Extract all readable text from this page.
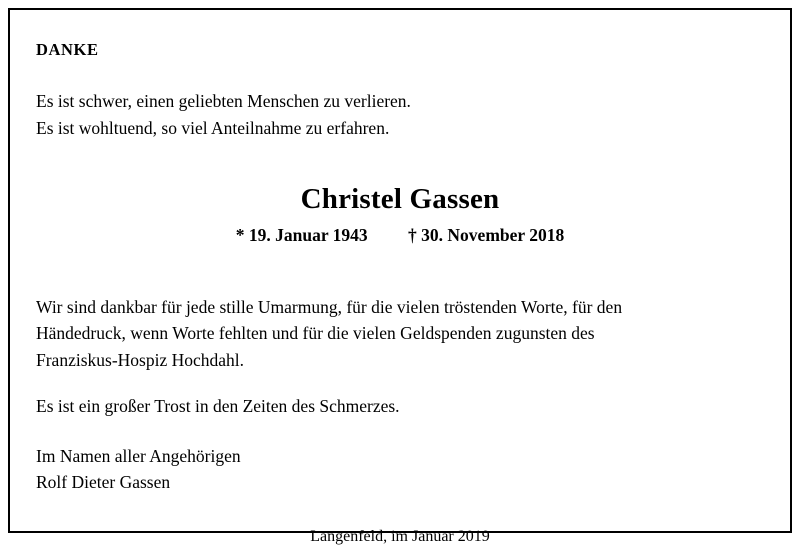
DANKE
Es ist schwer, einen geliebten Menschen zu verlieren.
Es ist wohltuend, so viel Anteilnahme zu erfahren.
Christel Gassen
* 19. Januar 1943 † 30. November 2018
Wir sind dankbar für jede stille Umarmung, für die vielen tröstenden Worte, für den
Händedruck, wenn Worte fehlten und für die vielen Geldspenden zugunsten des
Franziskus-Hospiz Hochdahl.
Es ist ein großer Trost in den Zeiten des Schmerzes.
Im Namen aller Angehörigen
Rolf Dieter Gassen
Langenfeld, im Januar 2019
